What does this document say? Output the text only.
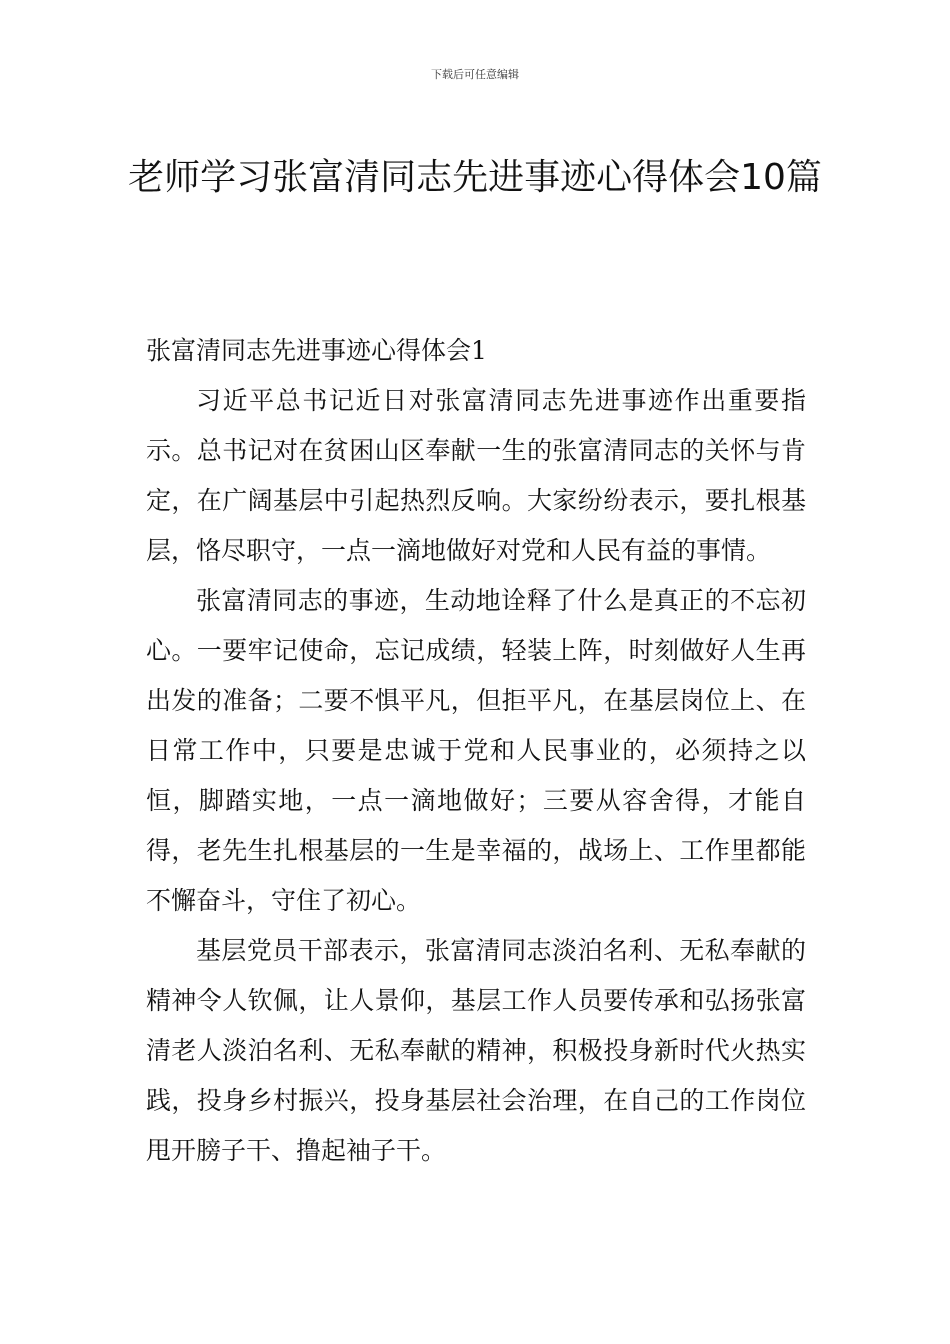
下载后可任意编辑
老师学习张富清同志先进事迹心得体会10篇
张富清同志先进事迹心得体会1

习近平总书记近日对张富清同志先进事迹作出重要指示。总书记对在贫困山区奉献一生的张富清同志的关怀与肯定，在广阔基层中引起热烈反响。大家纷纷表示，要扎根基层，恪尽职守，一点一滴地做好对党和人民有益的事情。

张富清同志的事迹，生动地诠释了什么是真正的不忘初心。一要牢记使命，忘记成绩，轻装上阵，时刻做好人生再出发的准备；二要不惧平凡，但拒平凡，在基层岗位上、在日常工作中，只要是忠诚于党和人民事业的，必须持之以恒，脚踏实地，一点一滴地做好；三要从容舍得，才能自得，老先生扎根基层的一生是幸福的，战场上、工作里都能不懈奋斗，守住了初心。

基层党员干部表示，张富清同志淡泊名利、无私奉献的精神令人钦佩，让人景仰，基层工作人员要传承和弘扬张富清老人淡泊名利、无私奉献的精神，积极投身新时代火热实践，投身乡村振兴，投身基层社会治理，在自己的工作岗位甩开膀子干、撸起袖子干。
